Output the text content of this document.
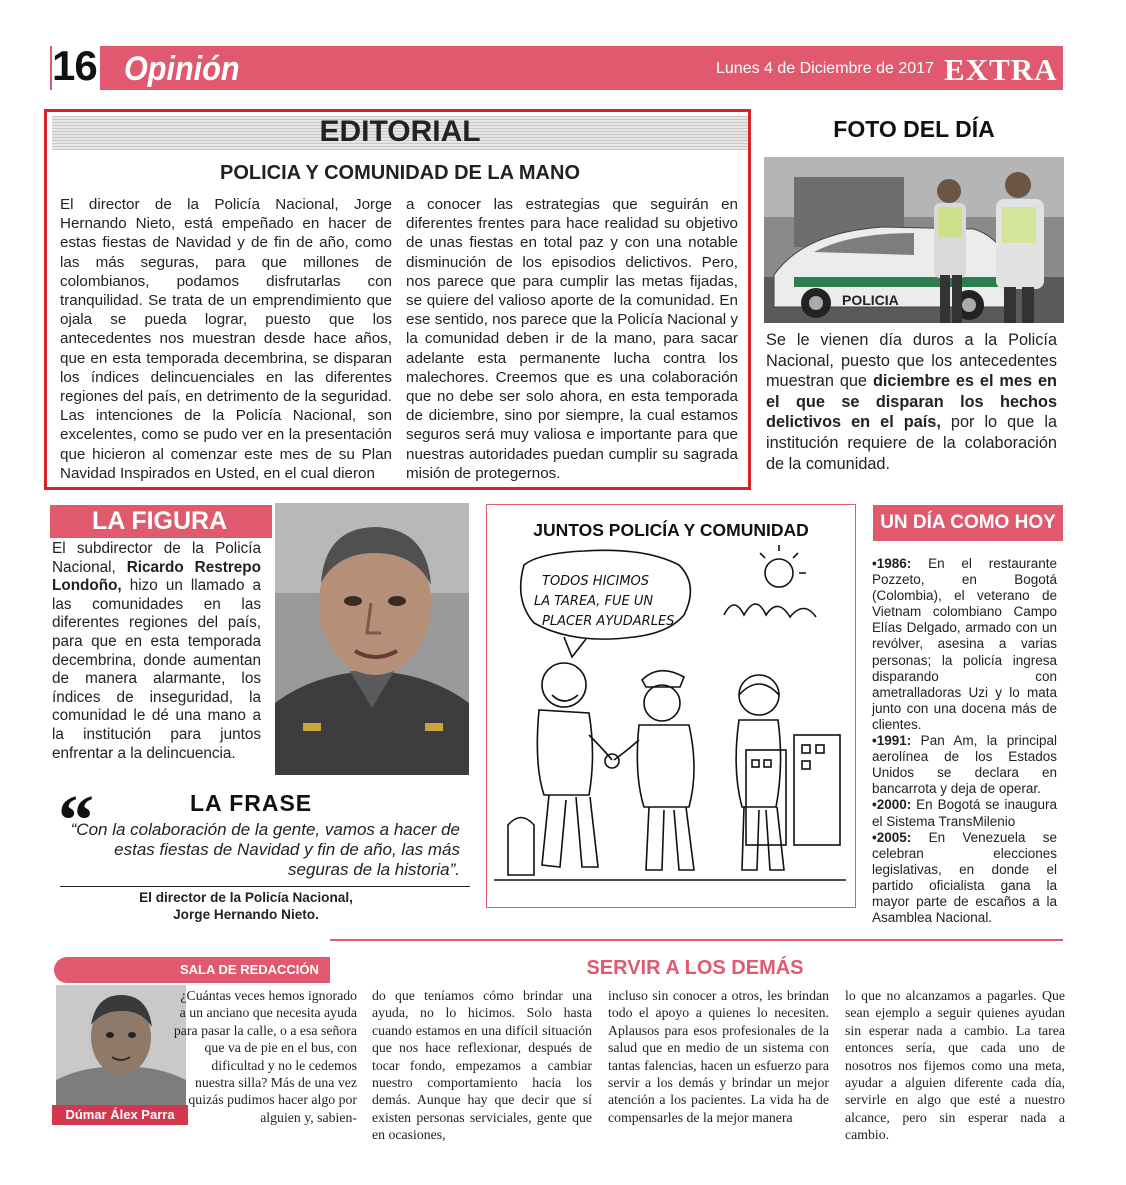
16 Opinión	Lunes 4 de Diciembre de 2017 EXTRA
EDITORIAL
POLICIA Y COMUNIDAD DE LA MANO
El director de la Policía Nacional, Jorge Hernando Nieto, está empeñado en hacer de estas fiestas de Navidad y de fin de año, como las más seguras, para que millones de colombianos, podamos disfrutarlas con tranquilidad. Se trata de un emprendimiento que ojala se pueda lograr, puesto que los antecedentes nos muestran desde hace años, que en esta temporada decembrina, se disparan los índices delincuenciales en las diferentes regiones del país, en detrimento de la seguridad. Las intenciones de la Policía Nacional, son excelentes, como se pudo ver en la presentación que hicieron al comenzar este mes de su Plan Navidad Inspirados en Usted, en el cual dieron
a conocer las estrategias que seguirán en diferentes frentes para hace realidad su objetivo de unas fiestas en total paz y con una notable disminución de los episodios delictivos. Pero, nos parece que para cumplir las metas fijadas, se quiere del valioso aporte de la comunidad. En ese sentido, nos parece que la Policía Nacional y la comunidad deben ir de la mano, para sacar adelante esta permanente lucha contra los malechores. Creemos que es una colaboración que no debe ser solo ahora, en esta temporada de diciembre, sino por siempre, la cual estamos seguros será muy valiosa e importante para que nuestras autoridades puedan cumplir su sagrada misión de protegernos.
FOTO DEL DÍA
POLICIA
Se le vienen día duros a la Policía Nacional, puesto que los antecedentes muestran que diciembre es el mes en el que se disparan los hechos delictivos en el país, por lo que la institución requiere de la colaboración de la comunidad.
LA FIGURA
El subdirector de la Policía Nacional, Ricardo Restrepo Londoño, hizo un llamado a las comunidades en las diferentes regiones del país, para que en esta temporada decembrina, donde aumentan de manera alarmante, los índices de inseguridad, la comunidad le dé una mano a la institución para juntos enfrentar a la delincuencia.
“	LA FRASE
“Con la colaboración de la gente, vamos a hacer de estas fiestas de Navidad y fin de año, las más seguras de la historia”.
El director de la Policía Nacional,
Jorge Hernando Nieto.
JUNTOS POLICÍA Y COMUNIDAD
TODOS HICIMOS
LA TAREA, FUE UN
PLACER AYUDARLES
UN DÍA COMO HOY

•1986: En el restaurante Pozzeto, en Bogotá (Colombia), el veterano de Vietnam colombiano Campo Elías Delgado, armado con un revólver, asesina a varias personas; la policía ingresa disparando con ametralladoras Uzi y lo mata junto con una docena más de clientes.

•1991: Pan Am, la principal aerolínea de los Estados Unidos se declara en bancarrota y deja de operar.

•2000: En Bogotá se inaugura el Sistema TransMilenio

•2005: En Venezuela se celebran elecciones legislativas, en donde el partido oficialista gana la mayor parte de escaños a la Asamblea Nacional.

SALA DE REDACCIÓN
Dúmar Álex Parra
SERVIR A LOS DEMÁS
¿Cuántas veces hemos ignorado a un anciano que necesita ayuda para pasar la calle, o a esa señora que va de pie en el bus, con dificultad y no le cedemos nuestra silla? Más de una vez quizás pudimos hacer algo por alguien y, sabien-
do que teníamos cómo brindar una ayuda, no lo hicimos. Solo hasta cuando estamos en una difícil situación que nos hace reflexionar, después de tocar fondo, empezamos a cambiar nuestro comportamiento hacia los demás. Aunque hay que decir que sí existen personas serviciales, gente que en ocasiones,
incluso sin conocer a otros, les brindan todo el apoyo a quienes lo necesiten. Aplausos para esos profesionales de la salud que en medio de un sistema con tantas falencias, hacen un esfuerzo para servir a los demás y brindar un mejor atención a los pacientes. La vida ha de compensarles de la mejor manera
lo que no alcanzamos a pagarles. Que sean ejemplo a seguir quienes ayudan sin esperar nada a cambio. La tarea entonces sería, que cada uno de nosotros nos fijemos como una meta, ayudar a alguien diferente cada día, servirle en algo que esté a nuestro alcance, pero sin esperar nada a cambio.
